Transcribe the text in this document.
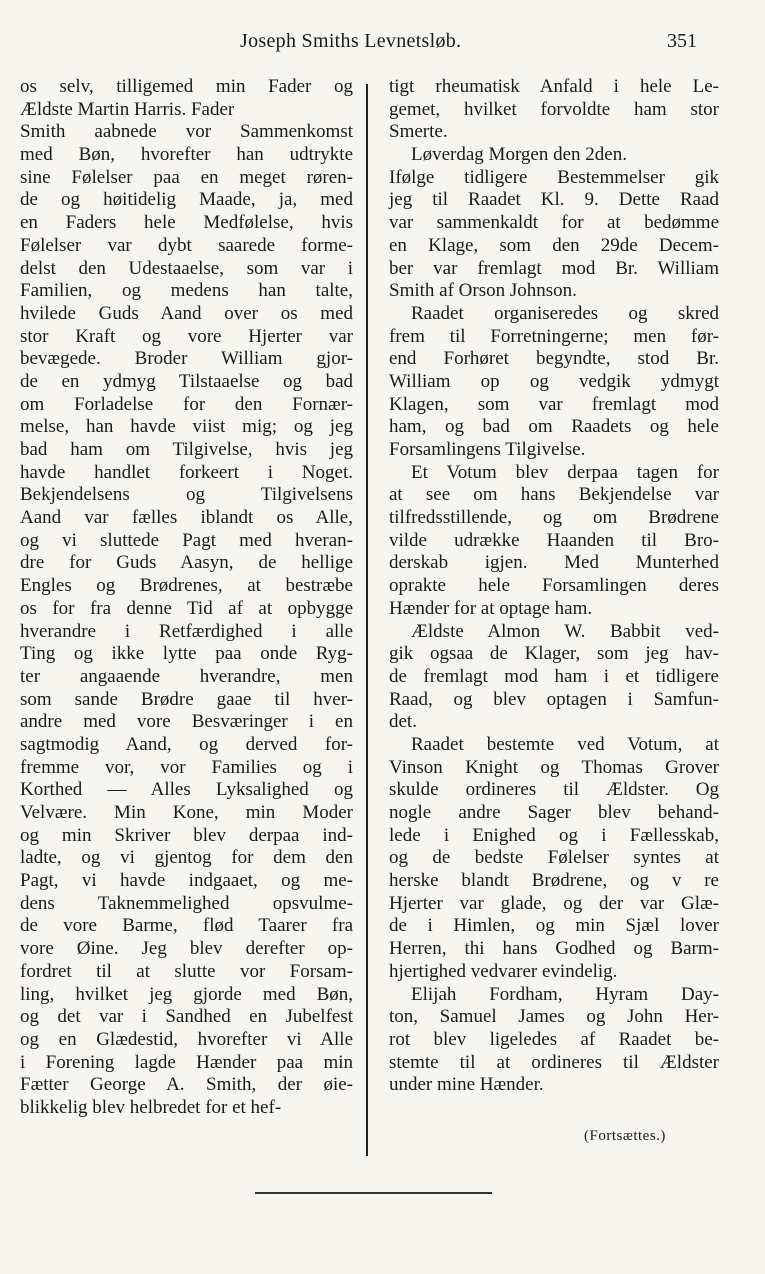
Joseph Smiths Levnetsløb.	351
os selv, tilligemed min Fader og
Ældste Martin Harris. Fader
Smith aabnede vor Sammenkomst
med Bøn, hvorefter han udtrykte
sine Følelser paa en meget røren-
de og høitidelig Maade, ja, med
en Faders hele Medfølelse, hvis
Følelser var dybt saarede forme-
delst den Udestaaelse, som var i
Familien, og medens han talte,
hvilede Guds Aand over os med
stor Kraft og vore Hjerter var
bevægede. Broder William gjor-
de en ydmyg Tilstaaelse og bad
om Forladelse for den Fornær-
melse, han havde viist mig; og jeg
bad ham om Tilgivelse, hvis jeg
havde handlet forkeert i Noget.
Bekjendelsens og Tilgivelsens
Aand var fælles iblandt os Alle,
og vi sluttede Pagt med hveran-
dre for Guds Aasyn, de hellige
Engles og Brødrenes, at bestræbe
os for fra denne Tid af at opbygge
hverandre i Retfærdighed i alle
Ting og ikke lytte paa onde Ryg-
ter angaaende hverandre, men
som sande Brødre gaae til hver-
andre med vore Besværinger i en
sagtmodig Aand, og derved for-
fremme vor, vor Families og i
Korthed — Alles Lyksalighed og
Velvære. Min Kone, min Moder
og min Skriver blev derpaa ind-
ladte, og vi gjentog for dem den
Pagt, vi havde indgaaet, og me-
dens Taknemmelighed opsvulme-
de vore Barme, flød Taarer fra
vore Øine. Jeg blev derefter op-
fordret til at slutte vor Forsam-
ling, hvilket jeg gjorde med Bøn,
og det var i Sandhed en Jubelfest
og en Glædestid, hvorefter vi Alle
i Forening lagde Hænder paa min
Fætter George A. Smith, der øie-
blikkelig blev helbredet for et hef-
tigt rheumatisk Anfald i hele Le-
gemet, hvilket forvoldte ham stor
Smerte.
Løverdag Morgen den 2den.
Ifølge tidligere Bestemmelser gik
jeg til Raadet Kl. 9. Dette Raad
var sammenkaldt for at bedømme
en Klage, som den 29de Decem-
ber var fremlagt mod Br. William
Smith af Orson Johnson.
Raadet organiseredes og skred
frem til Forretningerne; men før-
end Forhøret begyndte, stod Br.
William op og vedgik ydmygt
Klagen, som var fremlagt mod
ham, og bad om Raadets og hele
Forsamlingens Tilgivelse.
Et Votum blev derpaa tagen for
at see om hans Bekjendelse var
tilfredsstillende, og om Brødrene
vilde udrække Haanden til Bro-
derskab igjen. Med Munterhed
oprakte hele Forsamlingen deres
Hænder for at optage ham.
Ældste Almon W. Babbit ved-
gik ogsaa de Klager, som jeg hav-
de fremlagt mod ham i et tidligere
Raad, og blev optagen i Samfun-
det.
Raadet bestemte ved Votum, at
Vinson Knight og Thomas Grover
skulde ordineres til Ældster. Og
nogle andre Sager blev behand-
lede i Enighed og i Fællesskab,
og de bedste Følelser syntes at
herske blandt Brødrene, og v re
Hjerter var glade, og der var Glæ-
de i Himlen, og min Sjæl lover
Herren, thi hans Godhed og Barm-
hjertighed vedvarer evindelig.
Elijah Fordham, Hyram Day-
ton, Samuel James og John Her-
rot blev ligeledes af Raadet be-
stemte til at ordineres til Ældster
under mine Hænder.
(Fortsættes.)
